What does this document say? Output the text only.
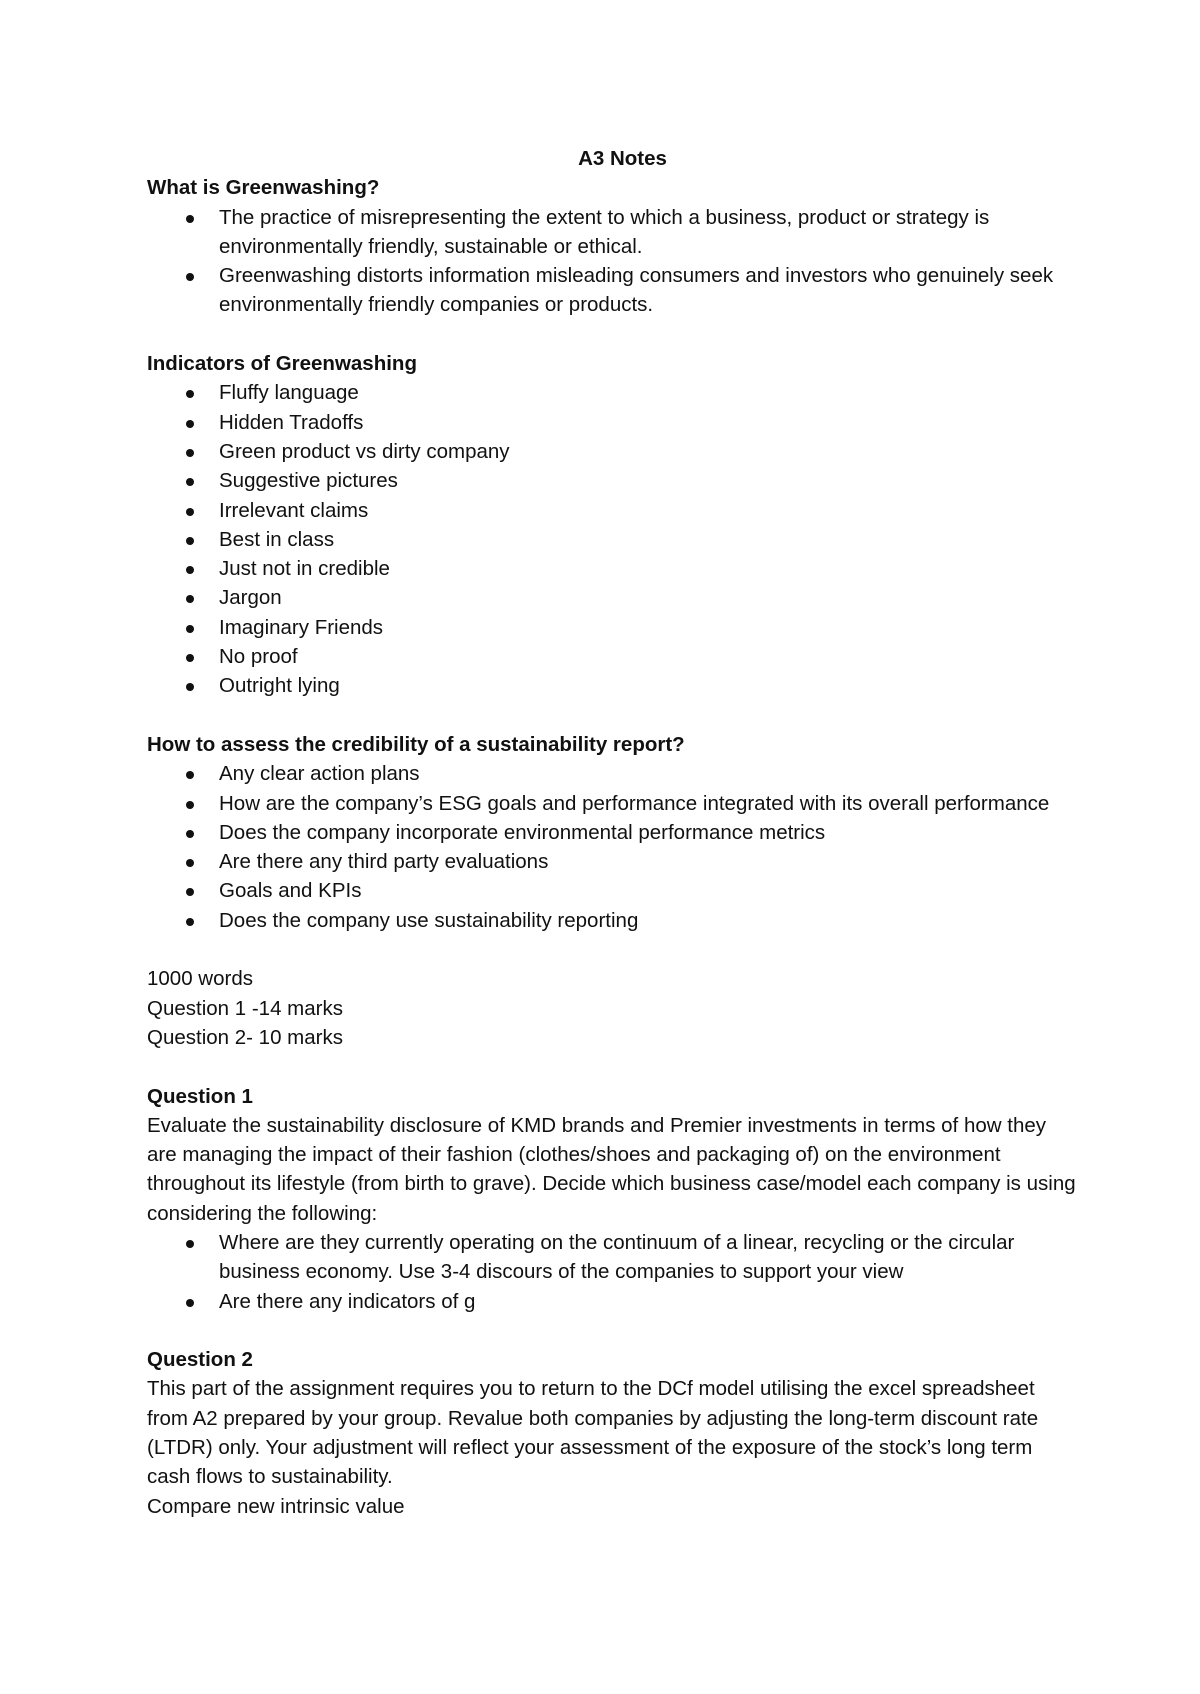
A3 Notes

What is Greenwashing?

The practice of misrepresenting the extent to which a business, product or strategy is environmentally friendly, sustainable or ethical.
Greenwashing distorts information misleading consumers and investors who genuinely seek environmentally friendly companies or products.

Indicators of Greenwashing

Fluffy language
Hidden Tradoffs
Green product vs dirty company
Suggestive pictures
Irrelevant claims
Best in class
Just not in credible
Jargon
Imaginary Friends
No proof
Outright lying

How to assess the credibility of a sustainability report?

Any clear action plans
How are the company’s ESG goals and performance integrated with its overall performance
Does the company incorporate environmental performance metrics
Are there any third party evaluations
Goals and KPIs
Does the company use sustainability reporting

1000 words

Question 1 -14 marks

Question 2- 10 marks

Question 1

Evaluate the sustainability disclosure of KMD brands and Premier investments in terms of how they are managing the impact of their fashion (clothes/shoes and packaging of) on the environment throughout its lifestyle (from birth to grave). Decide which business case/model each company is using considering the following:

Where are they currently operating on the continuum of a linear, recycling or the circular business economy. Use 3-4 discours of the companies to support your view
Are there any indicators of g

Question 2

This part of the assignment requires you to return to the DCf model utilising the excel spreadsheet from A2 prepared by your group. Revalue both companies by adjusting the long-term discount rate (LTDR) only. Your adjustment will reflect your assessment of the exposure of the stock’s long term cash flows to sustainability.

Compare new intrinsic value
